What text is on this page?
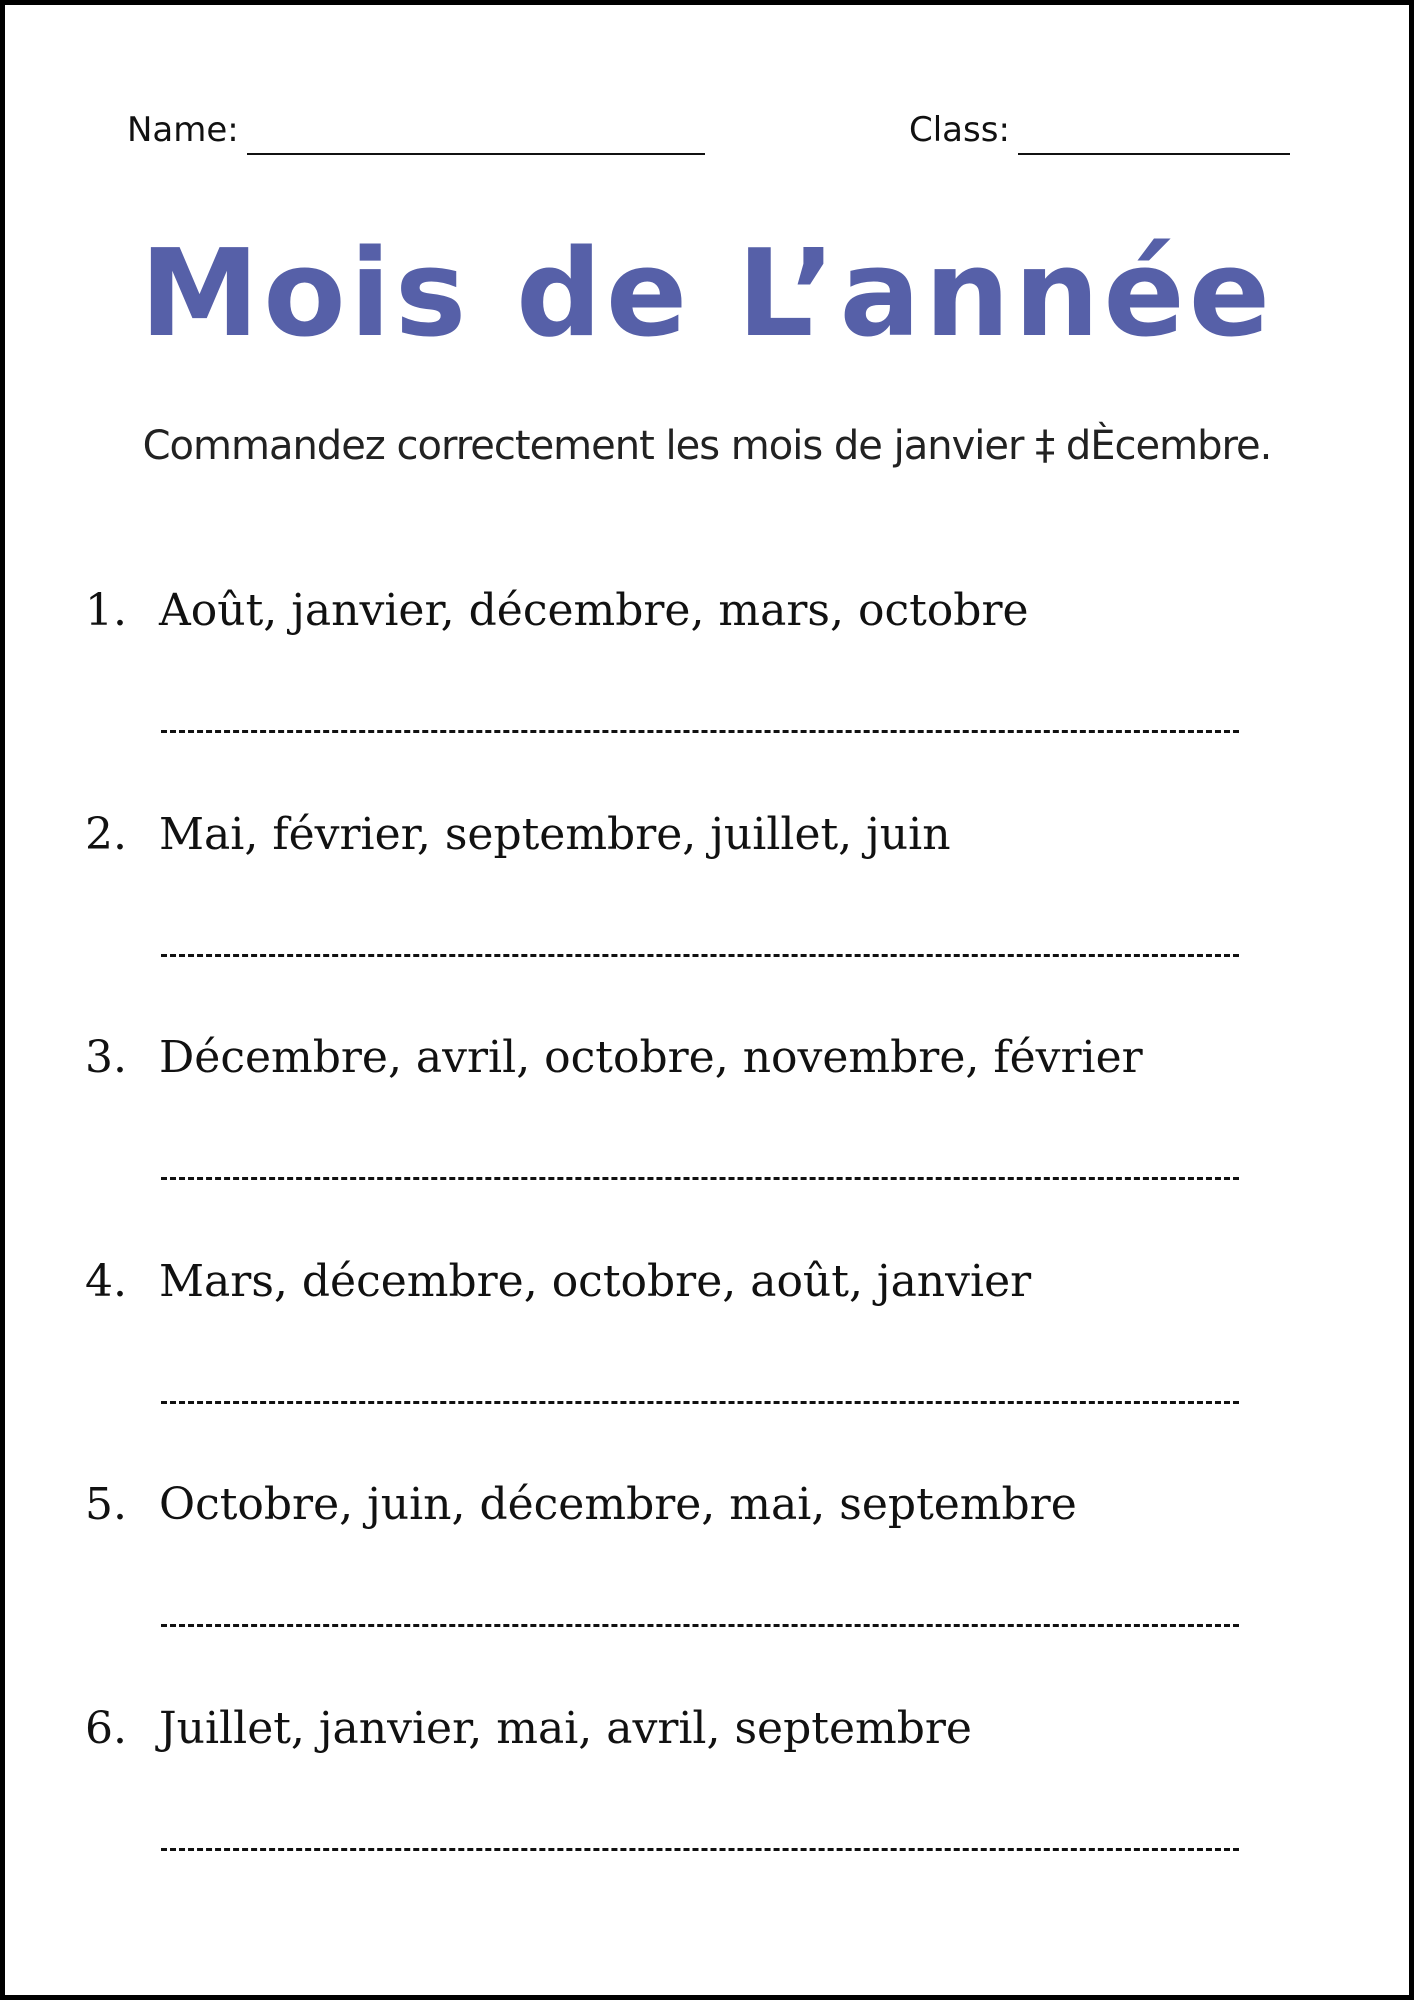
Name:	Class:
Mois de L’année
Commandez correctement les mois de janvier ‡ dÈcembre.
1. Août, janvier, décembre, mars, octobre
2. Mai, février, septembre, juillet, juin
3. Décembre, avril, octobre, novembre, février
4. Mars, décembre, octobre, août, janvier
5. Octobre, juin, décembre, mai, septembre
6. Juillet, janvier, mai, avril, septembre
